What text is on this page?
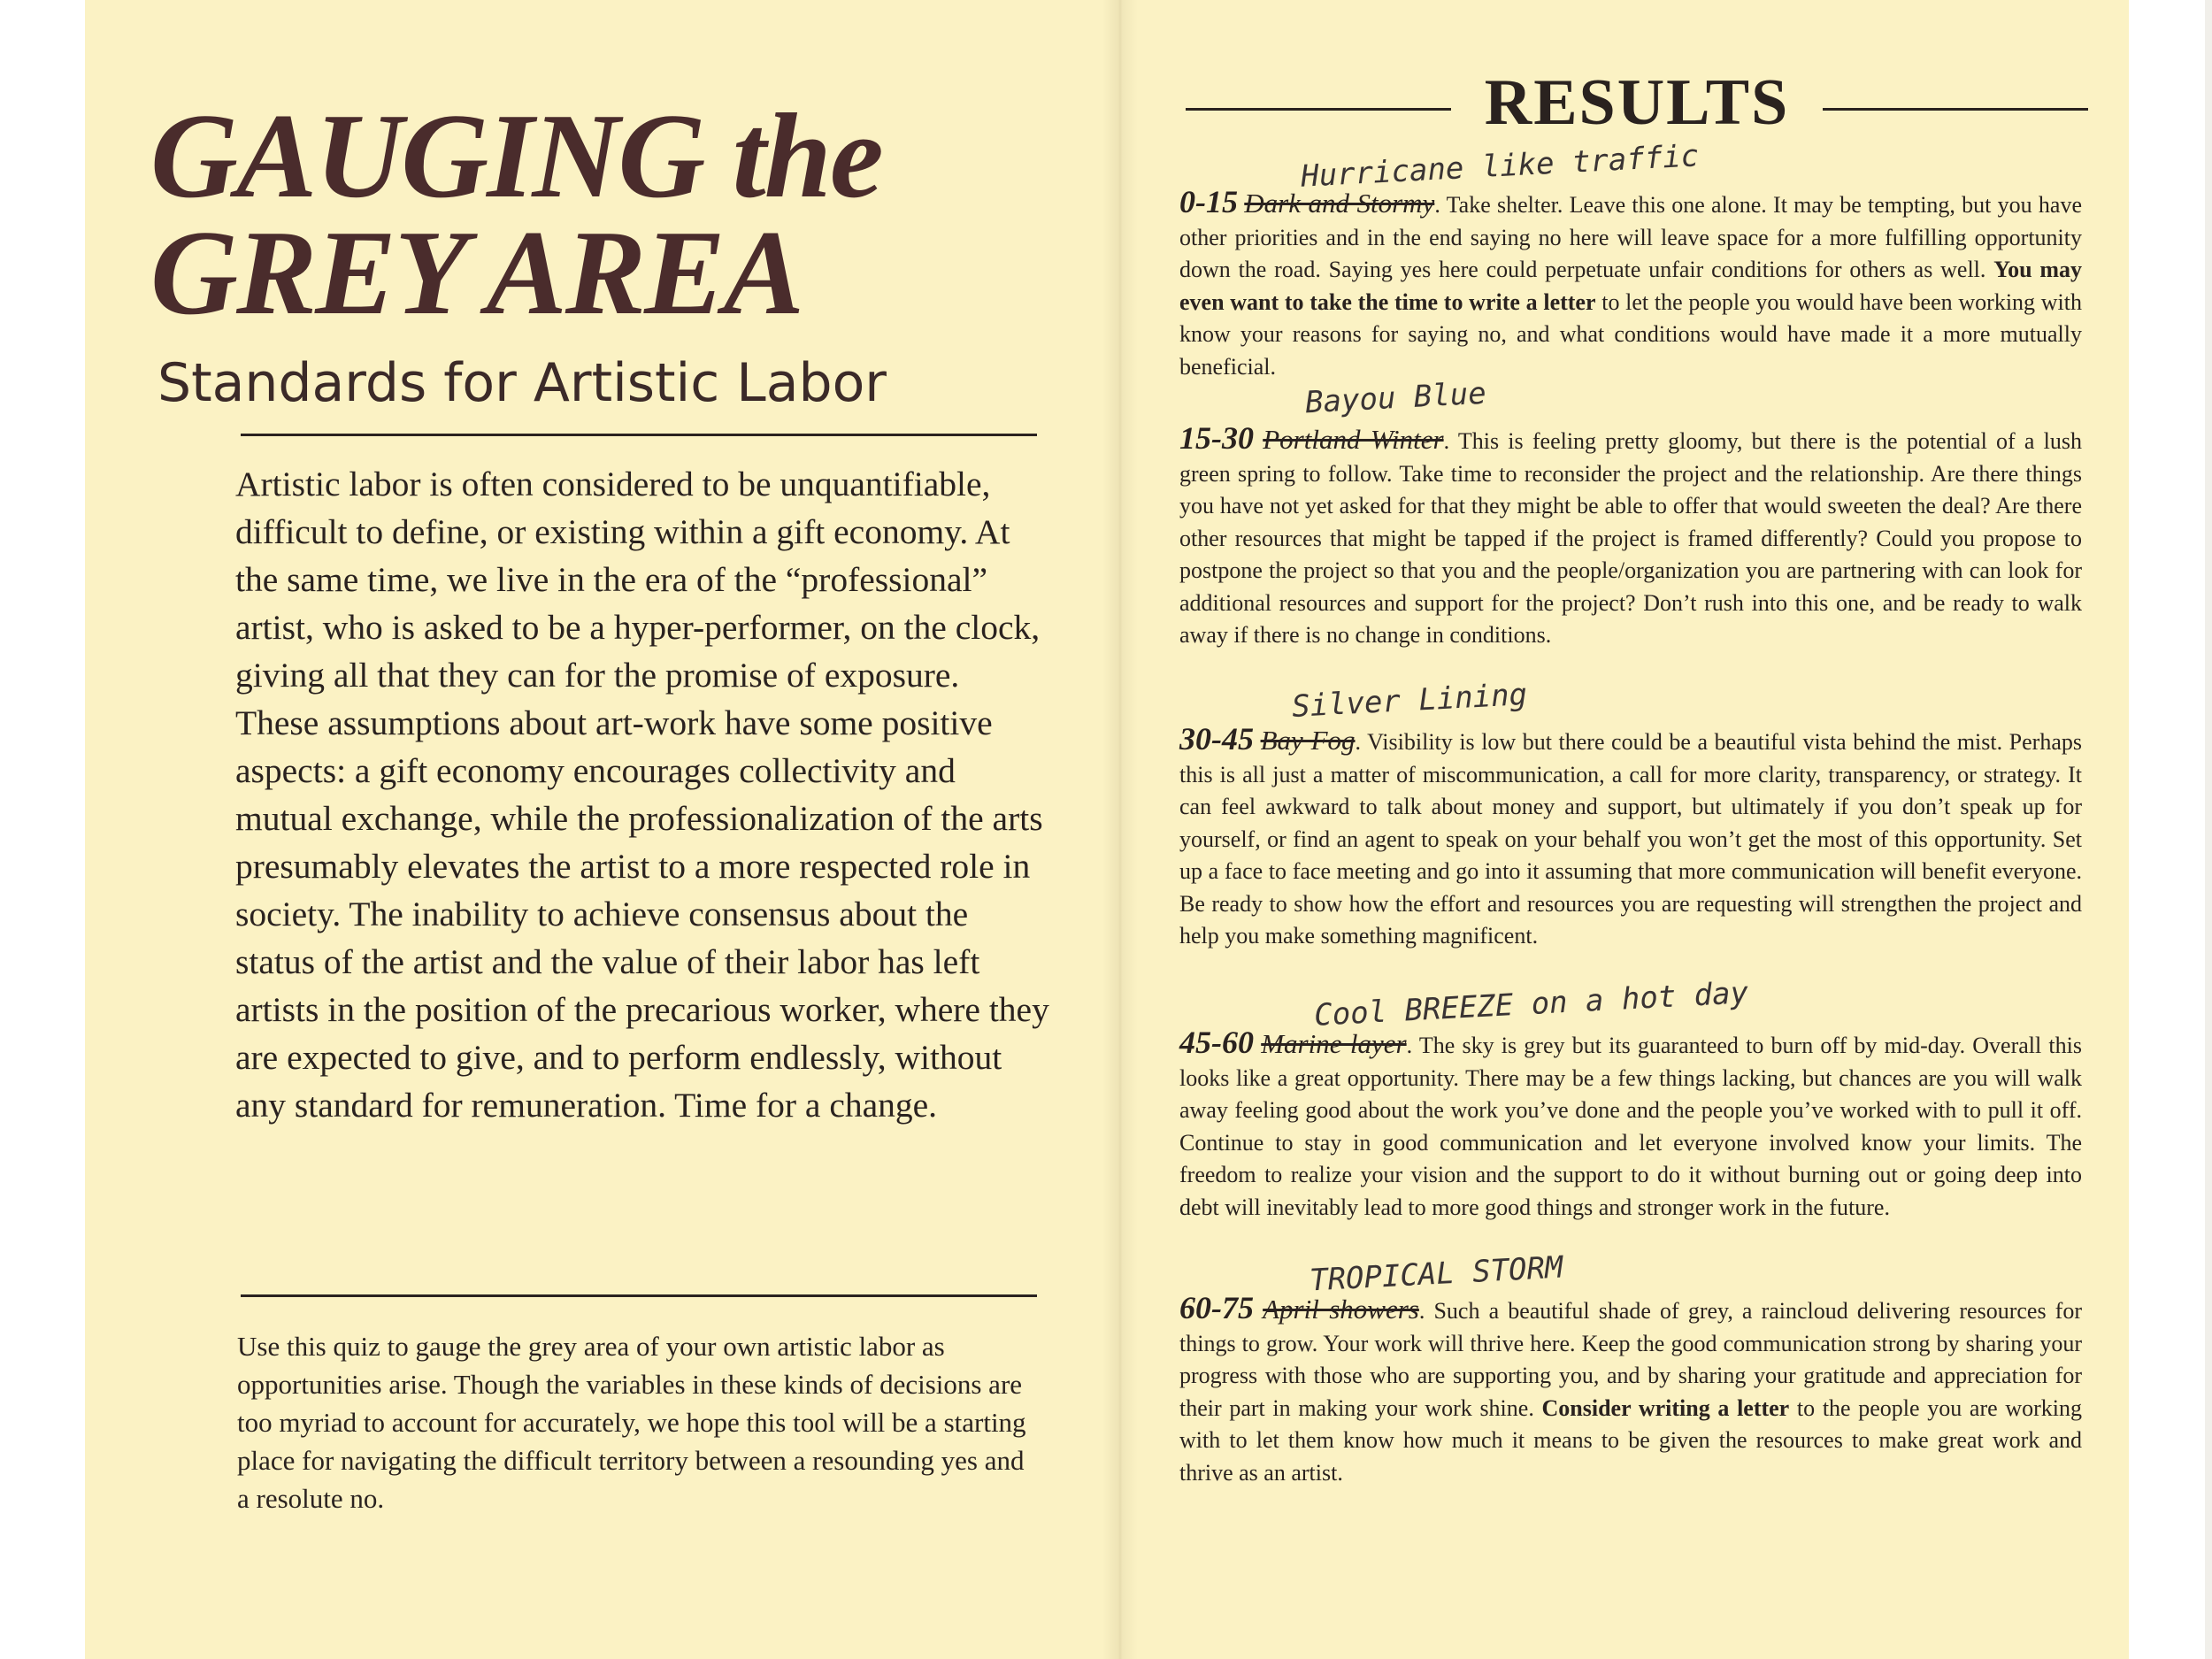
GAUGING the
GREY AREA
Standards for Artistic Labor
Artistic labor is often considered to be unquantifiable, difficult to define, or existing within a gift economy. At the same time, we live in the era of the “professional” artist, who is asked to be a hyper-performer, on the clock, giving all that they can for the promise of exposure. These assumptions about art-work have some positive aspects: a gift economy encourages collectivity and mutual exchange, while the professionalization of the arts presumably elevates the artist to a more respected role in society. The inability to achieve consensus about the status of the artist and the value of their labor has left artists in the position of the precarious worker, where they are expected to give, and to perform endlessly, without any standard for remuneration. Time for a change.
Use this quiz to gauge the grey area of your own artistic labor as opportunities arise. Though the variables in these kinds of decisions are too myriad to account for accurately, we hope this tool will be a starting place for navigating the difficult territory between a resounding yes and a resolute no.
RESULTS
Hurricane like traffic
0-15 Dark and Stormy. Take shelter. Leave this one alone. It may be tempting, but you have other priorities and in the end saying no here will leave space for a more fulfilling opportunity down the road. Saying yes here could perpetuate unfair conditions for others as well. You may even want to take the time to write a letter to let the people you would have been working with know your reasons for saying no, and what conditions would have made it a more mutually beneficial.
Bayou Blue
15-30 Portland Winter. This is feeling pretty gloomy, but there is the potential of a lush green spring to follow. Take time to reconsider the project and the relationship. Are there things you have not yet asked for that they might be able to offer that would sweeten the deal? Are there other resources that might be tapped if the project is framed differently? Could you propose to postpone the project so that you and the people/organization you are partnering with can look for additional resources and support for the project? Don’t rush into this one, and be ready to walk away if there is no change in conditions.
Silver Lining
30-45 Bay Fog. Visibility is low but there could be a beautiful vista behind the mist. Perhaps this is all just a matter of miscommunication, a call for more clarity, transparency, or strategy. It can feel awkward to talk about money and support, but ultimately if you don’t speak up for yourself, or find an agent to speak on your behalf you won’t get the most of this opportunity. Set up a face to face meeting and go into it assuming that more communication will benefit everyone. Be ready to show how the effort and resources you are requesting will strengthen the project and help you make something magnificent.
Cool BREEZE on a hot day
45-60 Marine layer. The sky is grey but its guaranteed to burn off by mid-day. Overall this looks like a great opportunity. There may be a few things lacking, but chances are you will walk away feeling good about the work you’ve done and the people you’ve worked with to pull it off. Continue to stay in good communication and let everyone involved know your limits. The freedom to realize your vision and the support to do it without burning out or going deep into debt will inevitably lead to more good things and stronger work in the future.
TROPICAL STORM
60-75 April showers. Such a beautiful shade of grey, a raincloud delivering resources for things to grow. Your work will thrive here. Keep the good communication strong by sharing your progress with those who are supporting you, and by sharing your gratitude and appreciation for their part in making your work shine. Consider writing a letter to the people you are working with to let them know how much it means to be given the resources to make great work and thrive as an artist.
